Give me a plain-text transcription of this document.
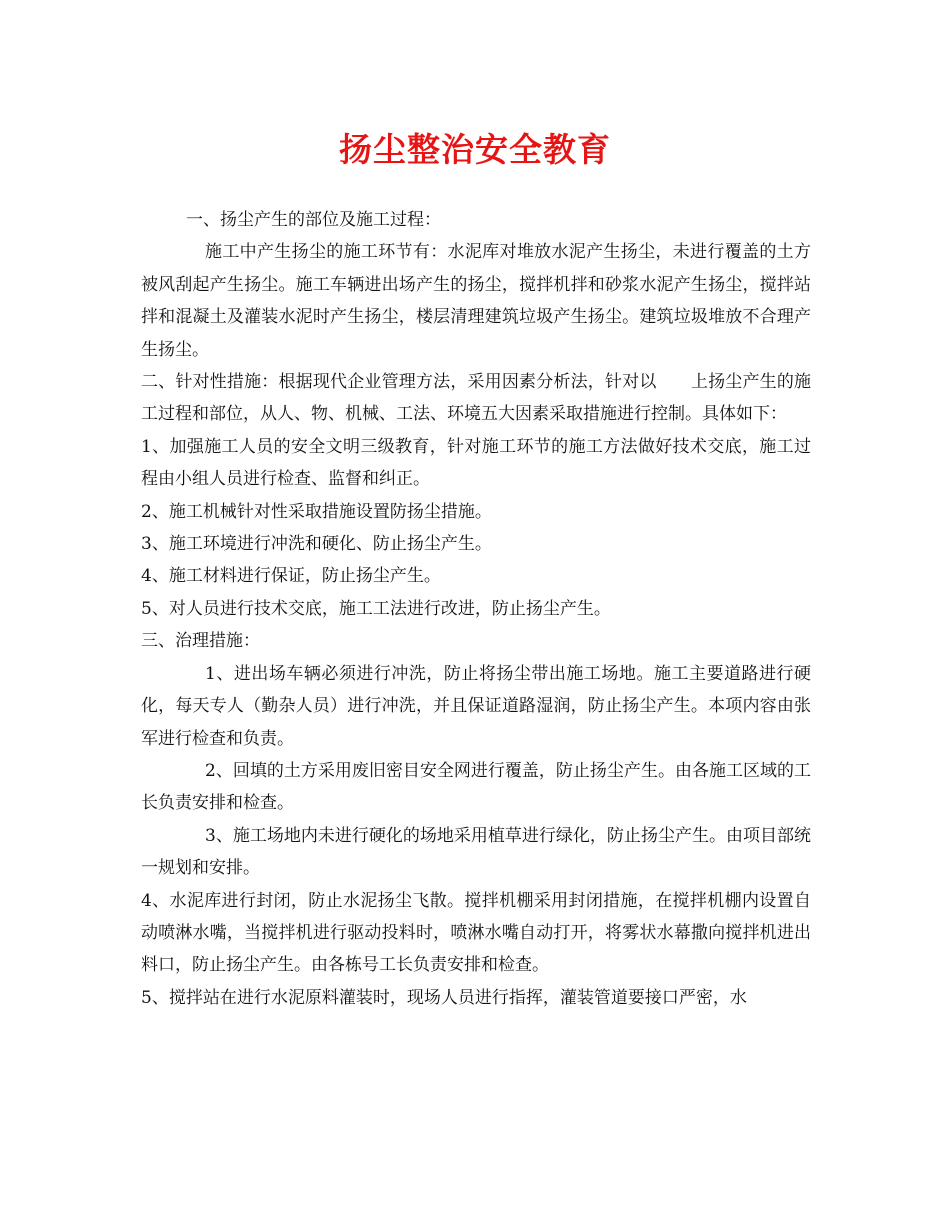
扬尘整治安全教育

一、扬尘产生的部位及施工过程：

施工中产生扬尘的施工环节有：水泥库对堆放水泥产生扬尘，未进行覆盖的土方被风刮起产生扬尘。施工车辆进出场产生的扬尘，搅拌机拌和砂浆水泥产生扬尘，搅拌站拌和混凝土及灌装水泥时产生扬尘，楼层清理建筑垃圾产生扬尘。建筑垃圾堆放不合理产生扬尘。

二、针对性措施：根据现代企业管理方法，采用因素分析法，针对以　　上扬尘产生的施工过程和部位，从人、物、机械、工法、环境五大因素采取措施进行控制。具体如下：

1、加强施工人员的安全文明三级教育，针对施工环节的施工方法做好技术交底，施工过程由小组人员进行检查、监督和纠正。

2、施工机械针对性采取措施设置防扬尘措施。

3、施工环境进行冲洗和硬化、防止扬尘产生。

4、施工材料进行保证，防止扬尘产生。

5、对人员进行技术交底，施工工法进行改进，防止扬尘产生。

三、治理措施：

1、进出场车辆必须进行冲洗，防止将扬尘带出施工场地。施工主要道路进行硬化，每天专人（勤杂人员）进行冲洗，并且保证道路湿润，防止扬尘产生。本项内容由张军进行检查和负责。

2、回填的土方采用废旧密目安全网进行覆盖，防止扬尘产生。由各施工区域的工长负责安排和检查。

3、施工场地内未进行硬化的场地采用植草进行绿化，防止扬尘产生。由项目部统一规划和安排。

4、水泥库进行封闭，防止水泥扬尘飞散。搅拌机棚采用封闭措施，在搅拌机棚内设置自动喷淋水嘴，当搅拌机进行驱动投料时，喷淋水嘴自动打开，将雾状水幕撒向搅拌机进出料口，防止扬尘产生。由各栋号工长负责安排和检查。

5、搅拌站在进行水泥原料灌装时，现场人员进行指挥，灌装管道要接口严密，水
